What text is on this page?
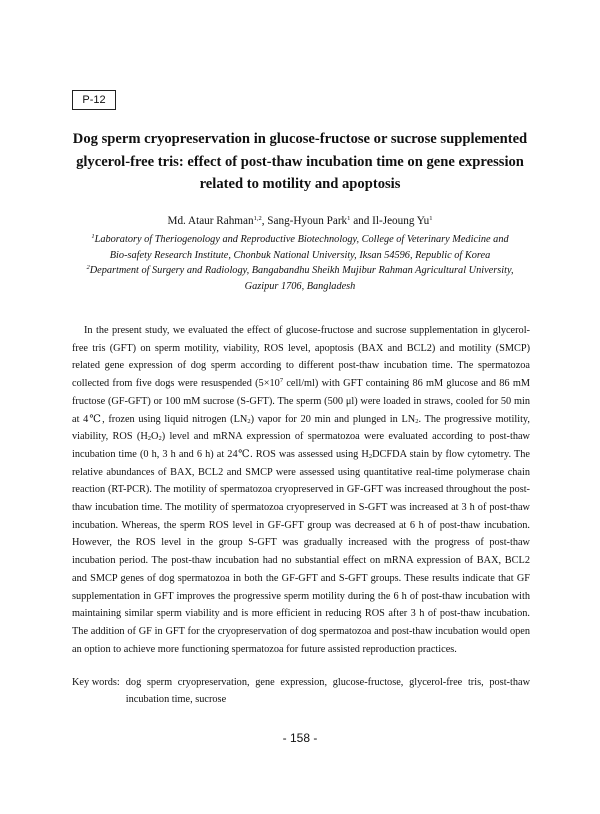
P-12
Dog sperm cryopreservation in glucose-fructose or sucrose supplemented
glycerol-free tris: effect of post-thaw incubation time on gene expression
related to motility and apoptosis
Md. Ataur Rahman$^{1,2}$, Sang-Hyoun Park$^1$ and Il-Jeoung Yu$^1$
$^1$Laboratory of Theriogenology and Reproductive Biotechnology, College of Veterinary Medicine and
Bio-safety Research Institute, Chonbuk National University, Iksan 54596, Republic of Korea
$^2$Department of Surgery and Radiology, Bangabandhu Sheikh Mujibur Rahman Agricultural University,
Gazipur 1706, Bangladesh
In the present study, we evaluated the effect of glucose-fructose and sucrose supplementation in glycerol-free tris (GFT) on sperm motility, viability, ROS level, apoptosis (BAX and BCL2) and motility (SMCP) related gene expression of dog sperm according to different post-thaw incubation time. The spermatozoa collected from five dogs were resuspended ($5\times 10^7$ cell/ml) with GFT containing 86 mM glucose and 86 mM fructose (GF-GFT) or 100 mM sucrose (S-GFT). The sperm (500 μl) were loaded in straws, cooled for 50 min at 4℃, frozen using liquid nitrogen $(LN_2)$ vapor for 20 min and plunged in $LN_2$. The progressive motility, viability, ROS $(H_2O_2)$ level and mRNA expression of spermatozoa were evaluated according to post-thaw incubation time (0 h, 3 h and 6 h) at 24℃. ROS was assessed using $H_2DCFDA$ stain by flow cytometry. The relative abundances of BAX, BCL2 and SMCP were assessed using quantitative real-time polymerase chain reaction (RT-PCR). The motility of spermatozoa cryopreserved in GF-GFT was increased throughout the post-thaw incubation time. The motility of spermatozoa cryopreserved in S-GFT was increased at 3 h of post-thaw incubation. Whereas, the sperm ROS level in GF-GFT group was decreased at 6 h of post-thaw incubation. However, the ROS level in the group S-GFT was gradually increased with the progress of post-thaw incubation period. The post-thaw incubation had no substantial effect on mRNA expression of BAX, BCL2 and SMCP genes of dog spermatozoa in both the GF-GFT and S-GFT groups. These results indicate that GF supplementation in GFT improves the progressive sperm motility during the 6 h of post-thaw incubation with maintaining similar sperm viability and is more efficient in reducing ROS after 3 h of post-thaw incubation. The addition of GF in GFT for the cryopreservation of dog spermatozoa and post-thaw incubation would open an option to achieve more functioning spermatozoa for future assisted reproduction practices.
Key words: dog sperm cryopreservation, gene expression, glucose-fructose, glycerol-free tris, post-thaw incubation time, sucrose
- 158 -
